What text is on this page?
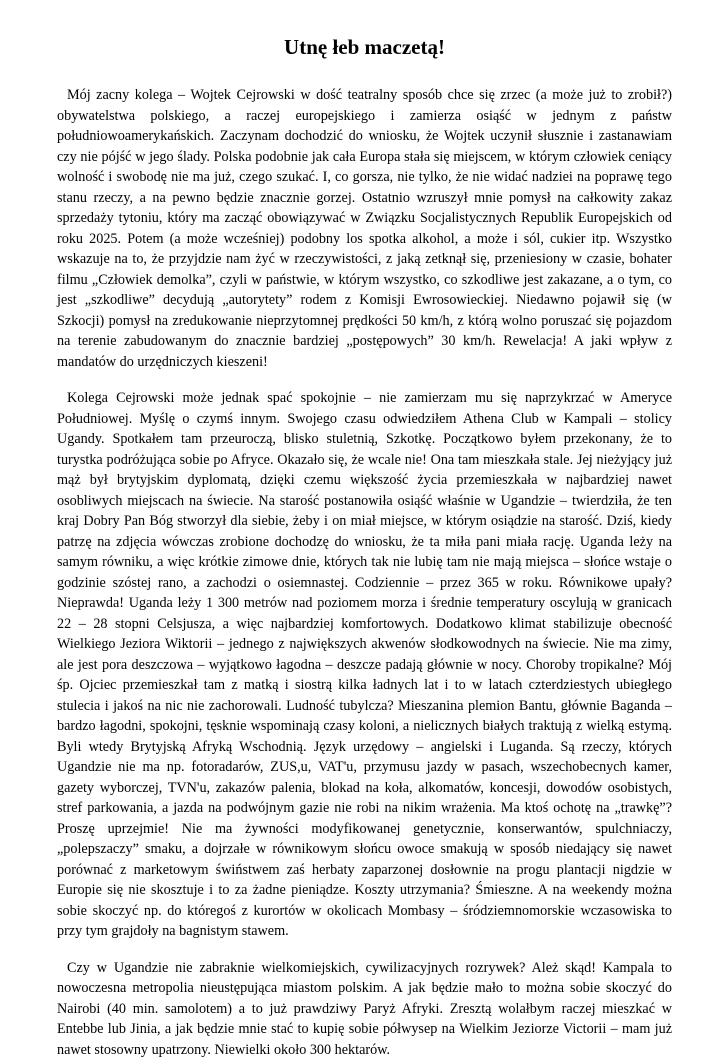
Utnę łeb maczetą!

Mój zacny kolega – Wojtek Cejrowski w dość teatralny sposób chce się zrzec (a może już to zrobił?) obywatelstwa polskiego, a raczej europejskiego i zamierza osiąść w jednym z państw południowoamerykańskich. Zaczynam dochodzić do wniosku, że Wojtek uczynił słusznie i zastanawiam czy nie pójść w jego ślady. Polska podobnie jak cała Europa stała się miejscem, w którym człowiek ceniący wolność i swobodę nie ma już, czego szukać. I, co gorsza, nie tylko, że nie widać nadziei na poprawę tego stanu rzeczy, a na pewno będzie znacznie gorzej. Ostatnio wzruszył mnie pomysł na całkowity zakaz sprzedaży tytoniu, który ma zacząć obowiązywać w Związku Socjalistycznych Republik Europejskich od roku 2025. Potem (a może wcześniej) podobny los spotka alkohol, a może i sól, cukier itp. Wszystko wskazuje na to, że przyjdzie nam żyć w rzeczywistości, z jaką zetknął się, przeniesiony w czasie, bohater filmu „Człowiek demolka”, czyli w państwie, w którym wszystko, co szkodliwe jest zakazane, a o tym, co jest „szkodliwe” decydują „autorytety” rodem z Komisji Ewrosowieckiej. Niedawno pojawił się (w Szkocji) pomysł na zredukowanie nieprzytomnej prędkości 50 km/h, z którą wolno poruszać się pojazdom na terenie zabudowanym do znacznie bardziej „postępowych” 30 km/h. Rewelacja! A jaki wpływ z mandatów do urzędniczych kieszeni!

Kolega Cejrowski może jednak spać spokojnie – nie zamierzam mu się naprzykrzać w Ameryce Południowej. Myślę o czymś innym. Swojego czasu odwiedziłem Athena Club w Kampali – stolicy Ugandy. Spotkałem tam przeuroczą, blisko stuletnią, Szkotkę. Początkowo byłem przekonany, że to turystka podróżująca sobie po Afryce. Okazało się, że wcale nie! Ona tam mieszkała stale. Jej nieżyjący już mąż był brytyjskim dyplomatą, dzięki czemu większość życia przemieszkała w najbardziej nawet osobliwych miejscach na świecie. Na starość postanowiła osiąść właśnie w Ugandzie – twierdziła, że ten kraj Dobry Pan Bóg stworzył dla siebie, żeby i on miał miejsce, w którym osiądzie na starość. Dziś, kiedy patrzę na zdjęcia wówczas zrobione dochodzę do wniosku, że ta miła pani miała rację. Uganda leży na samym równiku, a więc krótkie zimowe dnie, których tak nie lubię tam nie mają miejsca – słońce wstaje o godzinie szóstej rano, a zachodzi o osiemnastej. Codziennie – przez 365 w roku. Równikowe upały? Nieprawda! Uganda leży 1 300 metrów nad poziomem morza i średnie temperatury oscylują w granicach 22 – 28 stopni Celsjusza, a więc najbardziej komfortowych. Dodatkowo klimat stabilizuje obecność Wielkiego Jeziora Wiktorii – jednego z największych akwenów słodkowodnych na świecie. Nie ma zimy, ale jest pora deszczowa – wyjątkowo łagodna – deszcze padają głównie w nocy. Choroby tropikalne? Mój śp. Ojciec przemieszkał tam z matką i siostrą kilka ładnych lat i to w latach czterdziestych ubiegłego stulecia i jakoś na nic nie zachorowali. Ludność tubylcza? Mieszanina plemion Bantu, głównie Baganda – bardzo łagodni, spokojni, tęsknie wspominają czasy koloni, a nielicznych białych traktują z wielką estymą. Byli wtedy Brytyjską Afryką Wschodnią. Język urzędowy – angielski i Luganda. Są rzeczy, których Ugandzie nie ma np. fotoradarów, ZUS,u, VAT'u, przymusu jazdy w pasach, wszechobecnych kamer, gazety wyborczej, TVN'u, zakazów palenia, blokad na koła, alkomatów, koncesji, dowodów osobistych, stref parkowania, a jazda na podwójnym gazie nie robi na nikim wrażenia. Ma ktoś ochotę na „trawkę”? Proszę uprzejmie! Nie ma żywności modyfikowanej genetycznie, konserwantów, spulchniaczy, „polepszaczy” smaku, a dojrzałe w równikowym słońcu owoce smakują w sposób niedający się nawet porównać z marketowym świństwem zaś herbaty zaparzonej dosłownie na progu plantacji nigdzie w Europie się nie skosztuje i to za żadne pieniądze. Koszty utrzymania? Śmieszne. A na weekendy można sobie skoczyć np. do któregoś z kurortów w okolicach Mombasy – śródziemnomorskie wczasowiska to przy tym grajdoły na bagnistym stawem.

Czy w Ugandzie nie zabraknie wielkomiejskich, cywilizacyjnych rozrywek? Ależ skąd! Kampala to nowoczesna metropolia nieustępująca miastom polskim. A jak będzie mało to można sobie skoczyć do Nairobi (40 min. samolotem) a to już prawdziwy Paryż Afryki. Zresztą wolałbym raczej mieszkać w Entebbe lub Jinia, a jak będzie mnie stać to kupię sobie półwysep na Wielkim Jeziorze Victorii – mam już nawet stosowny upatrzony. Niewielki około 300 hektarów.
